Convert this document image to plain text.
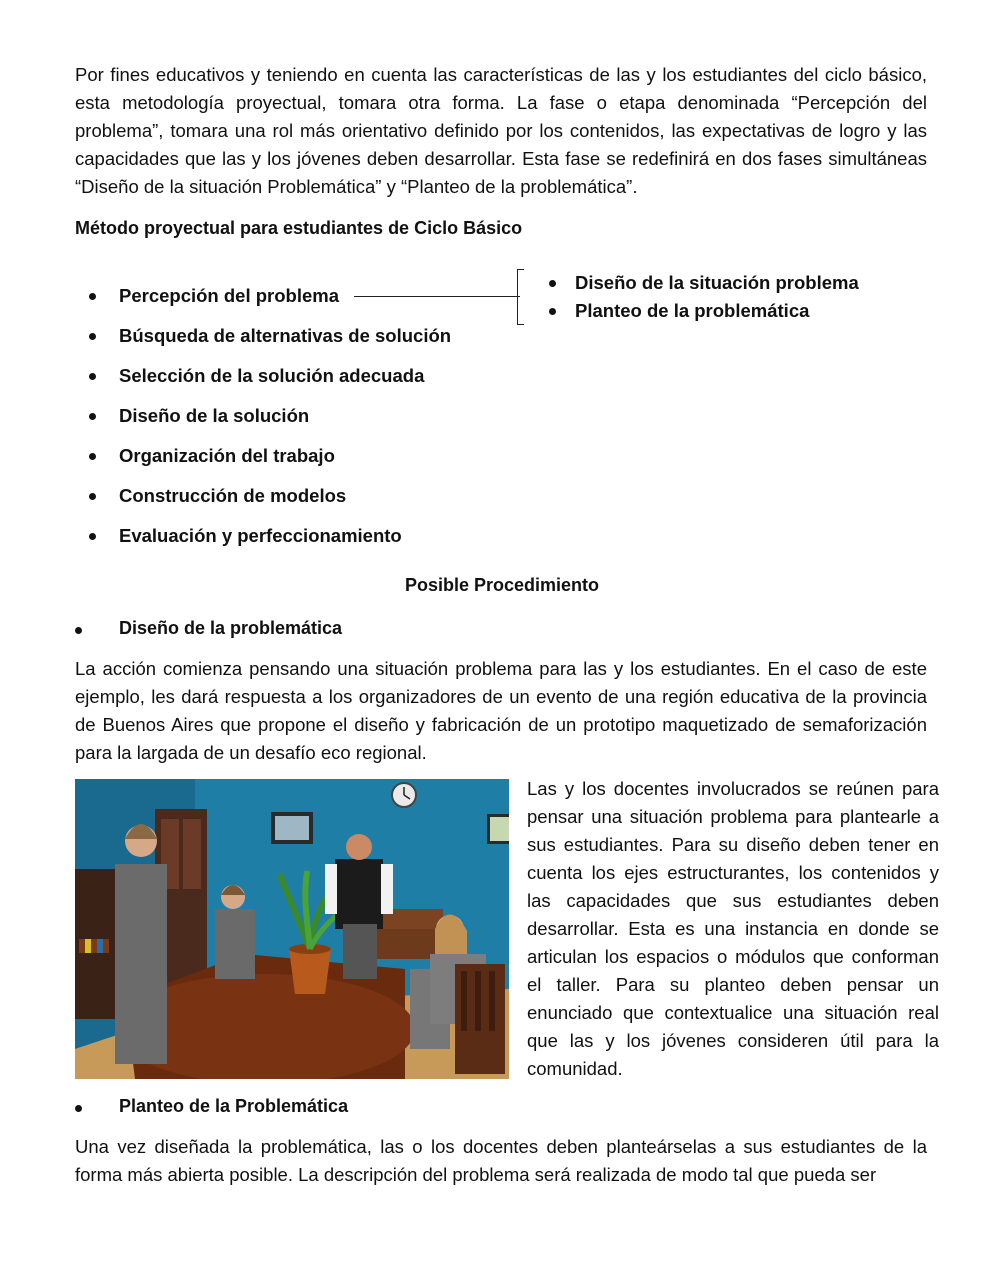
Por fines educativos y teniendo en cuenta las características de las y los estudiantes del ciclo básico, esta metodología proyectual, tomara otra forma. La fase o etapa denominada “Percepción del problema”, tomara una rol más orientativo definido por los contenidos, las expectativas de logro y las capacidades que las y los jóvenes deben desarrollar. Esta fase se redefinirá en dos fases simultáneas “Diseño de la situación Problemática” y “Planteo de la problemática”.

Método proyectual para estudiantes de Ciclo Básico

Percepción del problema
Búsqueda de alternativas de solución
Selección de la solución adecuada
Diseño de la solución
Organización del trabajo
Construcción de modelos
Evaluación y perfeccionamiento
Diseño de la situación problema
Planteo de la problemática

Posible Procedimiento

Diseño de la problemática

La acción comienza pensando una situación problema para las y los estudiantes. En el caso de este ejemplo, les dará respuesta a los organizadores de un evento de una región educativa de la provincia de Buenos Aires que propone el diseño y fabricación de un prototipo maquetizado de semaforización para la largada de un desafío eco regional.

Las y los docentes involucrados se reúnen para pensar una situación problema para plantearle a sus estudiantes. Para su diseño deben tener en cuenta los ejes estructurantes, los contenidos y las capacidades que sus estudiantes deben desarrollar. Esta es una instancia en donde se articulan los espacios o módulos que conforman el taller. Para su planteo deben pensar un enunciado que contextualice una situación real que las y los jóvenes consideren útil para la comunidad.

Planteo de la Problemática

Una vez diseñada la problemática, las o los docentes deben planteárselas a sus estudiantes de la forma más abierta posible. La descripción del problema será realizada de modo tal que pueda ser
